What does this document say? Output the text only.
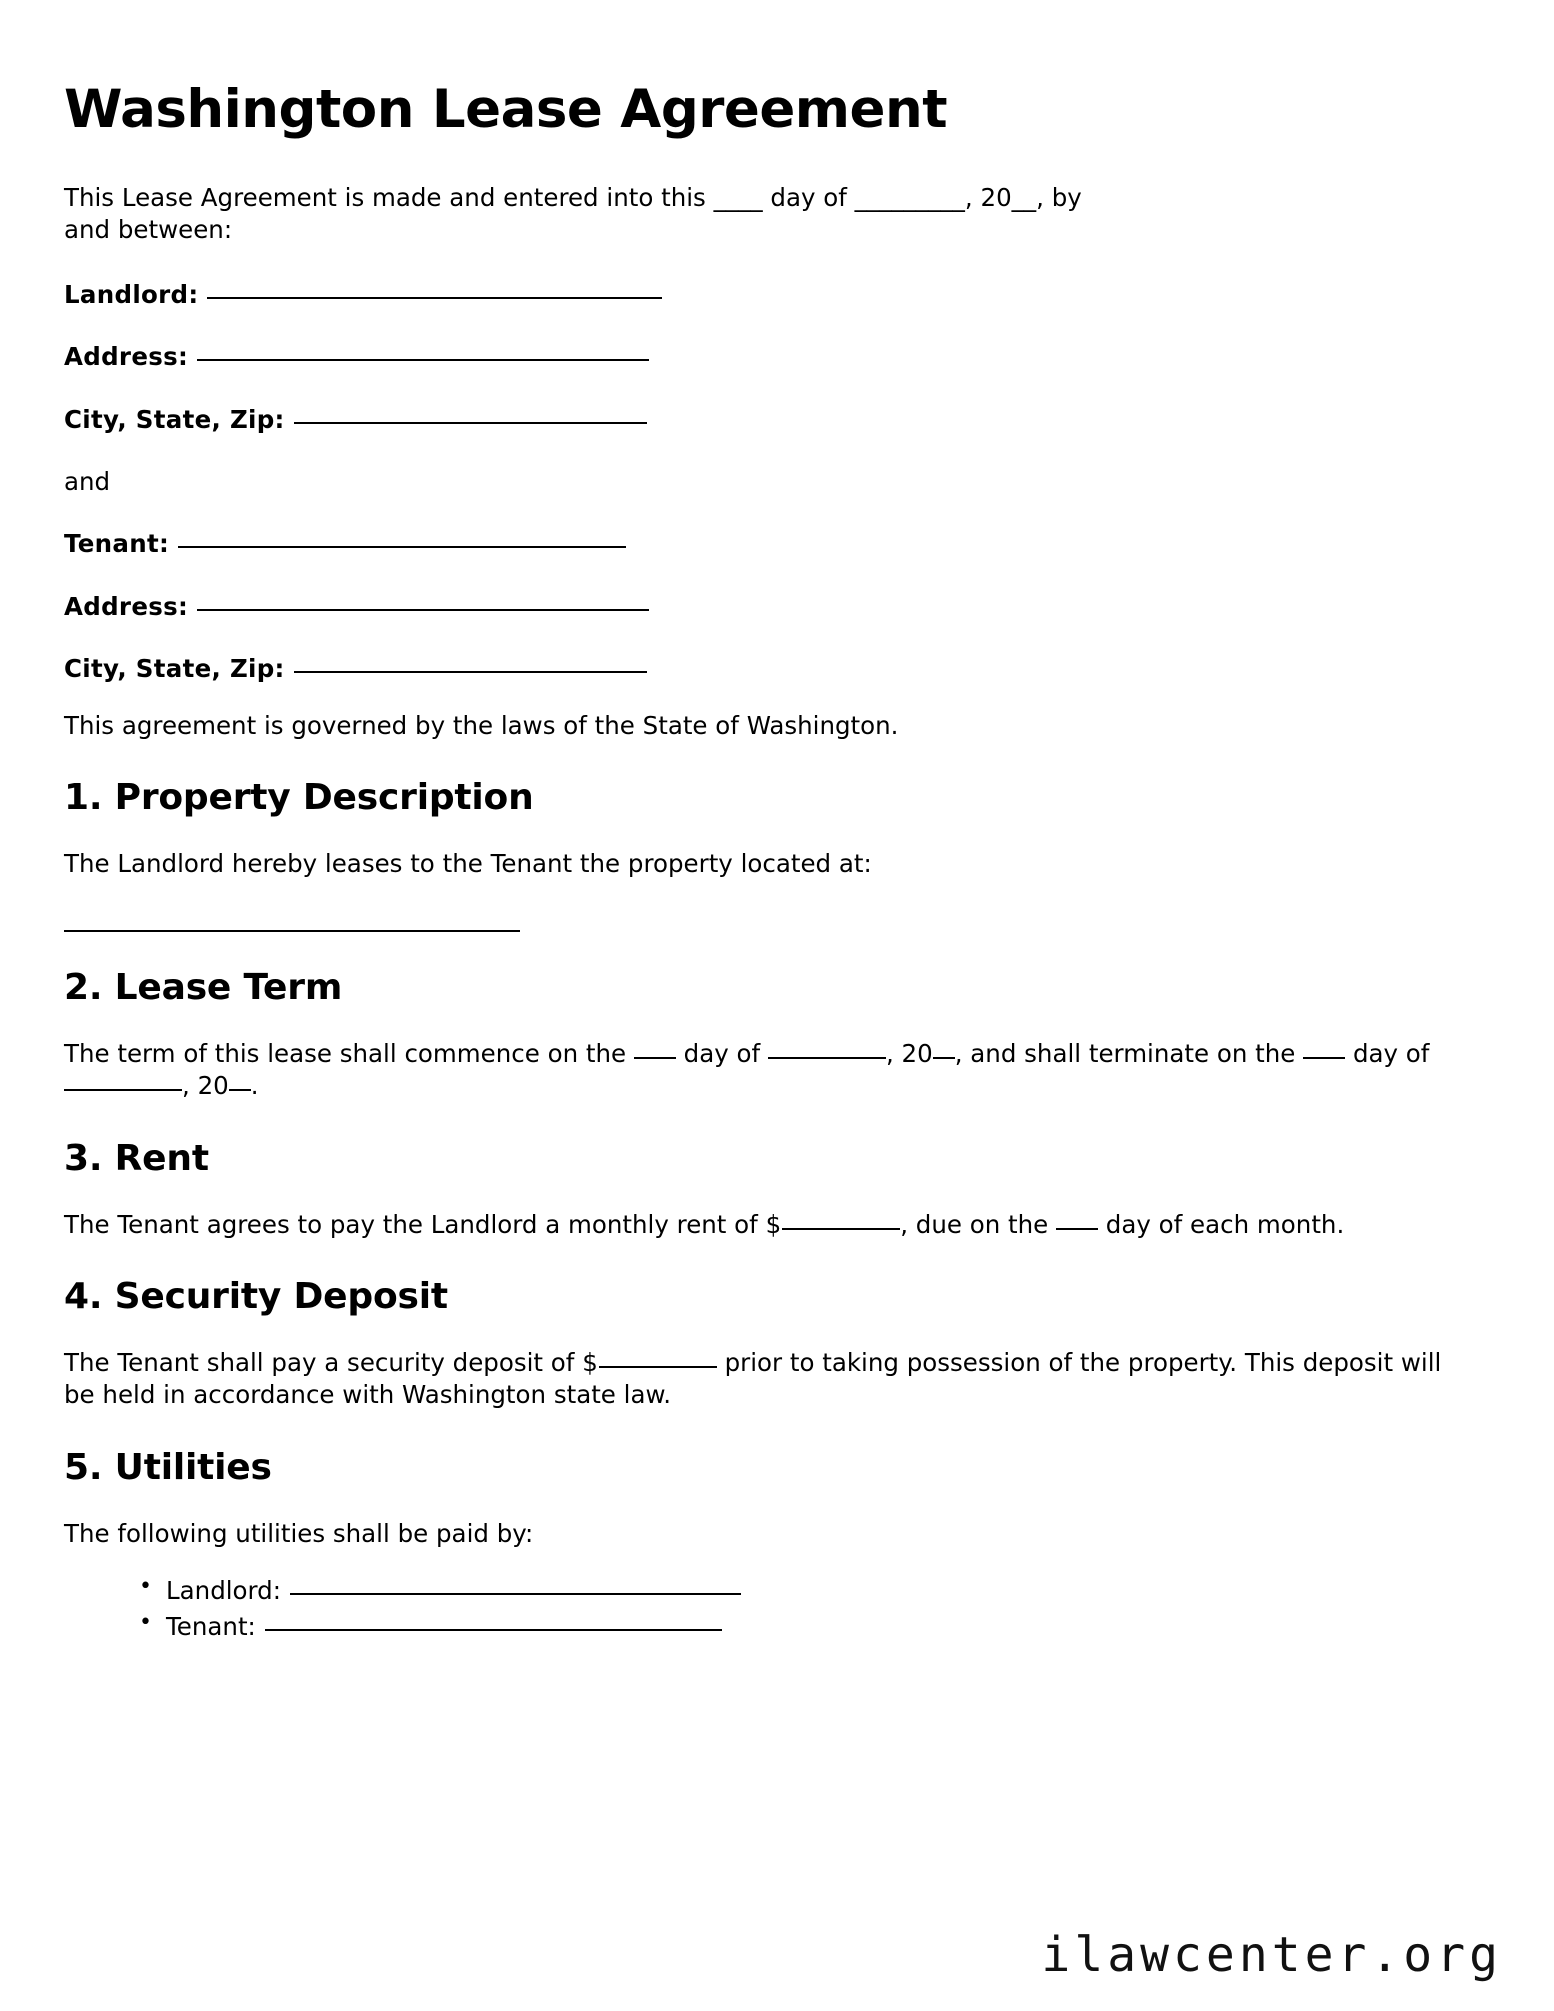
Washington Lease Agreement

This Lease Agreement is made and entered into this ____ day of _________, 20__, by and between:

Landlord:

Address:

City, State, Zip:

and

Tenant:

Address:

City, State, Zip:

This agreement is governed by the laws of the State of Washington.

1. Property Description

The Landlord hereby leases to the Tenant the property located at:

2. Lease Term

The term of this lease shall commence on the  day of	, 20 , and shall terminate on the  day of , 20 .

3. Rent

The Tenant agrees to pay the Landlord a monthly rent of $	, due on the  day of each month.

4. Security Deposit

The Tenant shall pay a security deposit of $	prior to taking possession of the property. This deposit will be held in accordance with Washington state law.

5. Utilities

The following utilities shall be paid by:

• Landlord:
• Tenant:
ilawcenter.org
